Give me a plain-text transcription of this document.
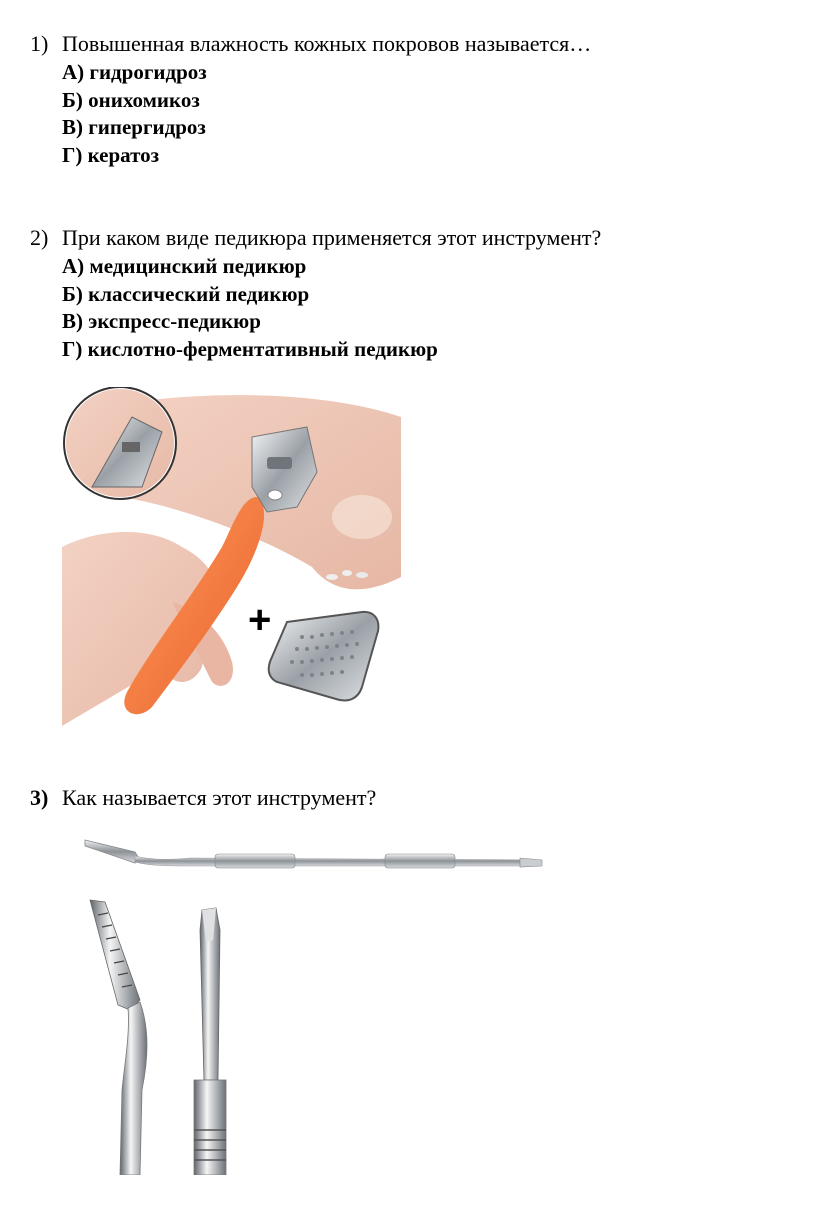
1) Повышенная влажность кожных покровов называется…
А) гидрогидроз
Б) онихомикоз
В) гипергидроз
Г) кератоз
2) При каком виде педикюра применяется этот инструмент?
А) медицинский педикюр
Б) классический педикюр
В) экспресс-педикюр
Г) кислотно-ферментативный педикюр
+
3) Как называется этот инструмент?
